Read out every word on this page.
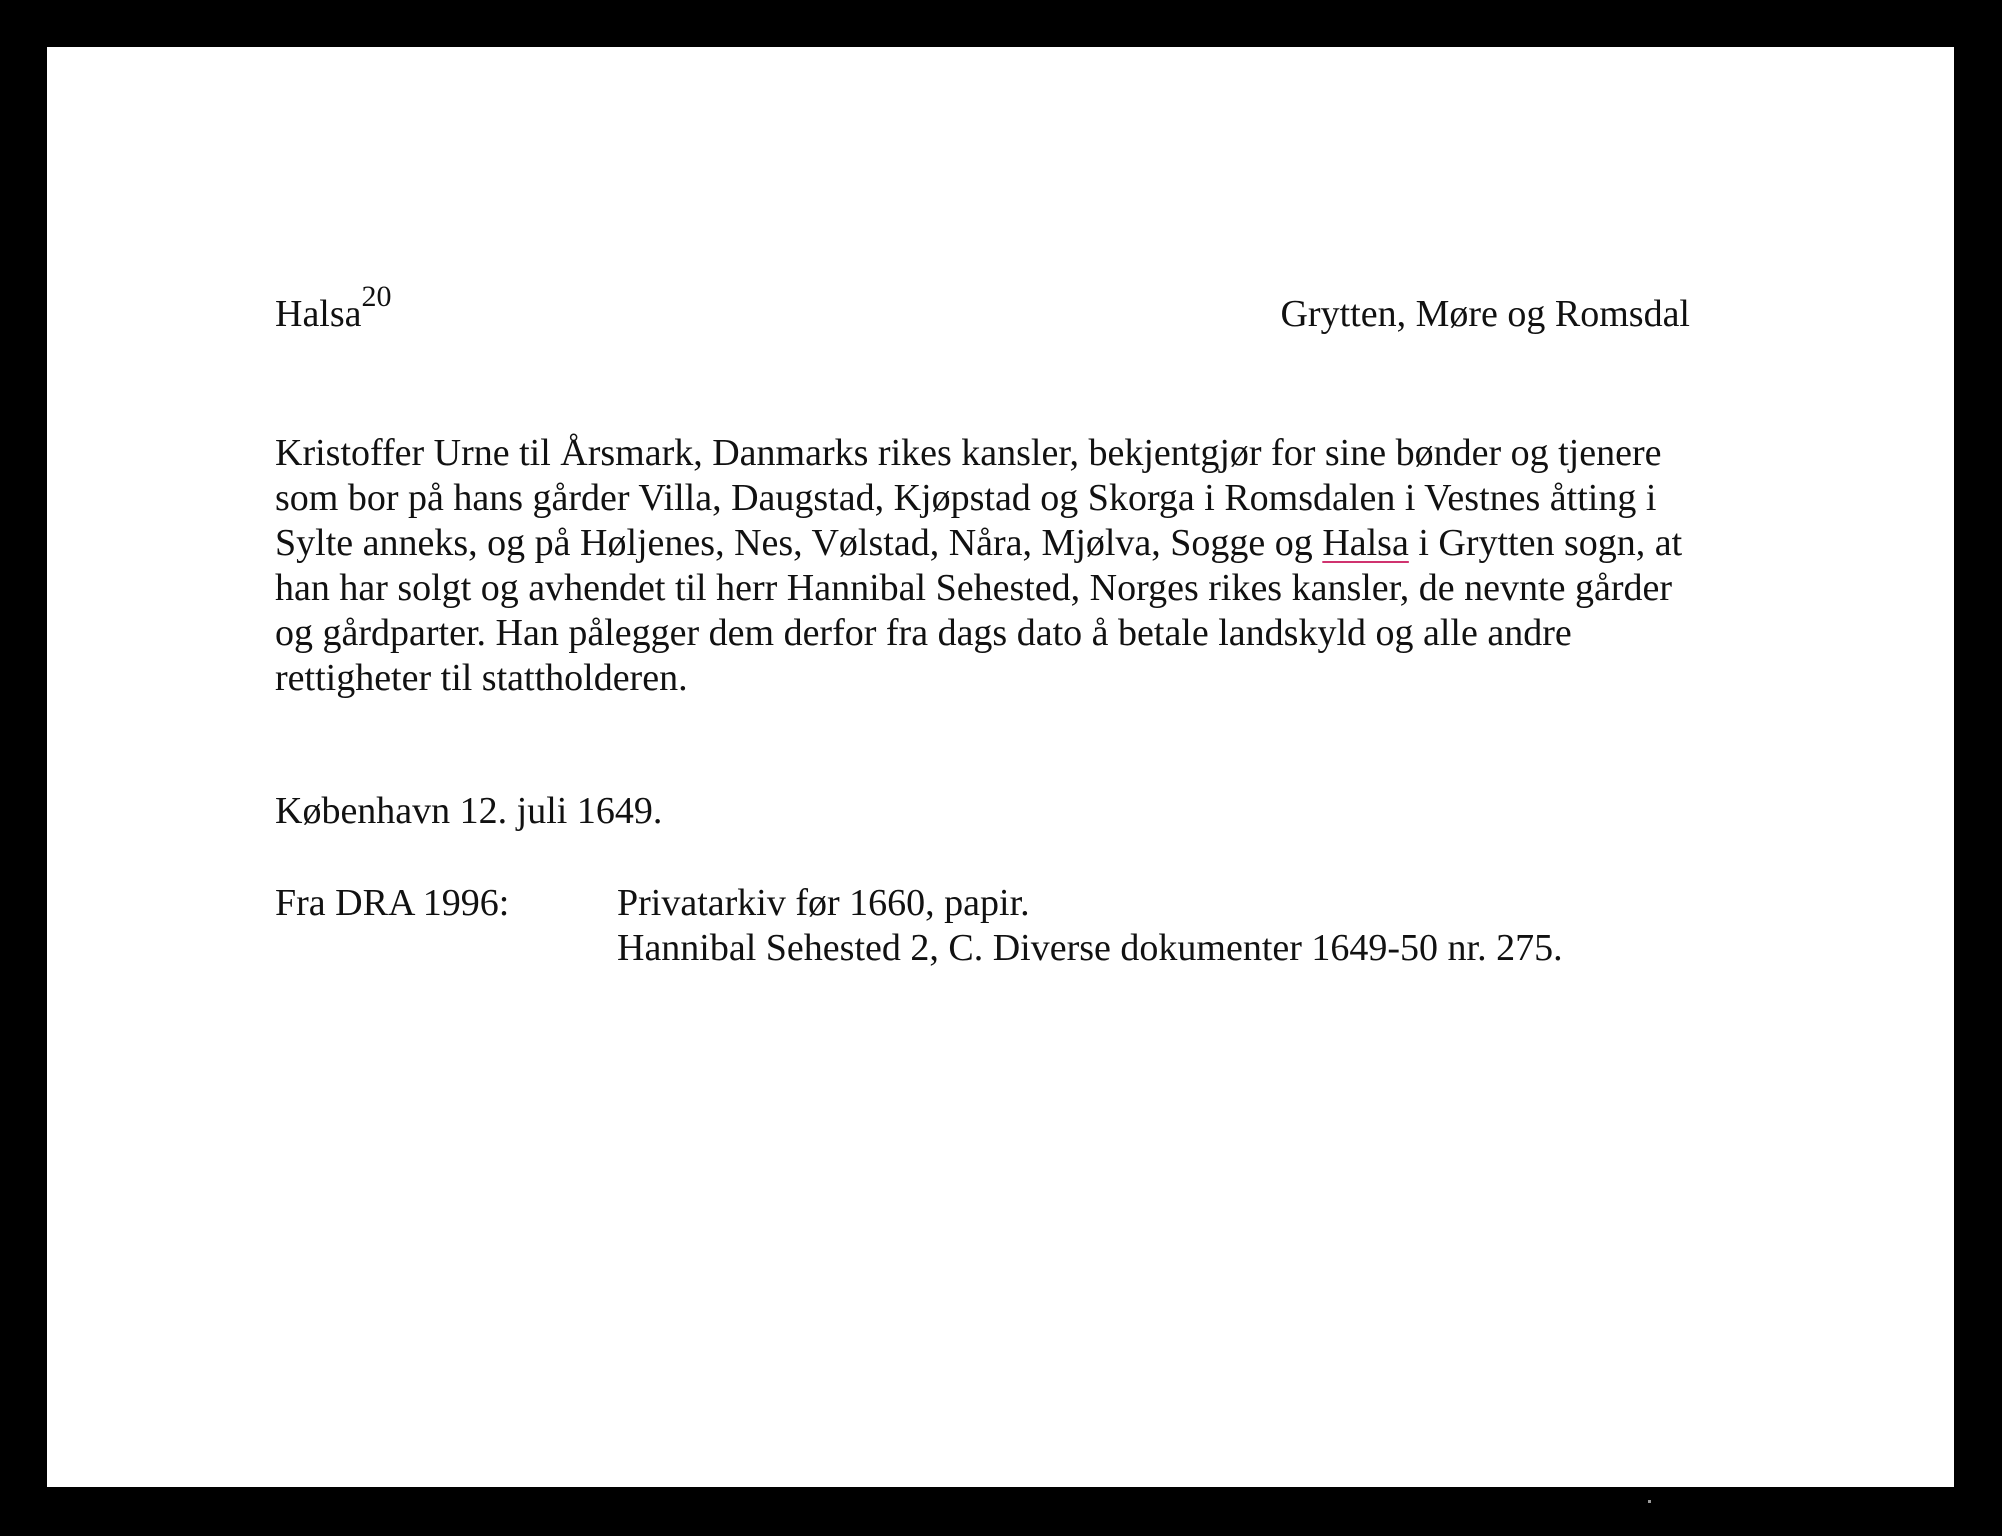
Halsa$^{20}$	Grytten, Møre og Romsdal
Kristoffer Urne til Årsmark, Danmarks rikes kansler, bekjentgjør for sine bønder og tjenere
som bor på hans gårder Villa, Daugstad, Kjøpstad og Skorga i Romsdalen i Vestnes åtting i
Sylte anneks, og på Høljenes, Nes, Vølstad, Nåra, Mjølva, Sogge og Halsa i Grytten sogn, at
han har solgt og avhendet til herr Hannibal Sehested, Norges rikes kansler, de nevnte gårder
og gårdparter. Han pålegger dem derfor fra dags dato å betale landskyld og alle andre
rettigheter til stattholderen.
København 12. juli 1649.
Fra DRA 1996:	Privatarkiv før 1660, papir.
Hannibal Sehested 2, C. Diverse dokumenter 1649-50 nr. 275.
